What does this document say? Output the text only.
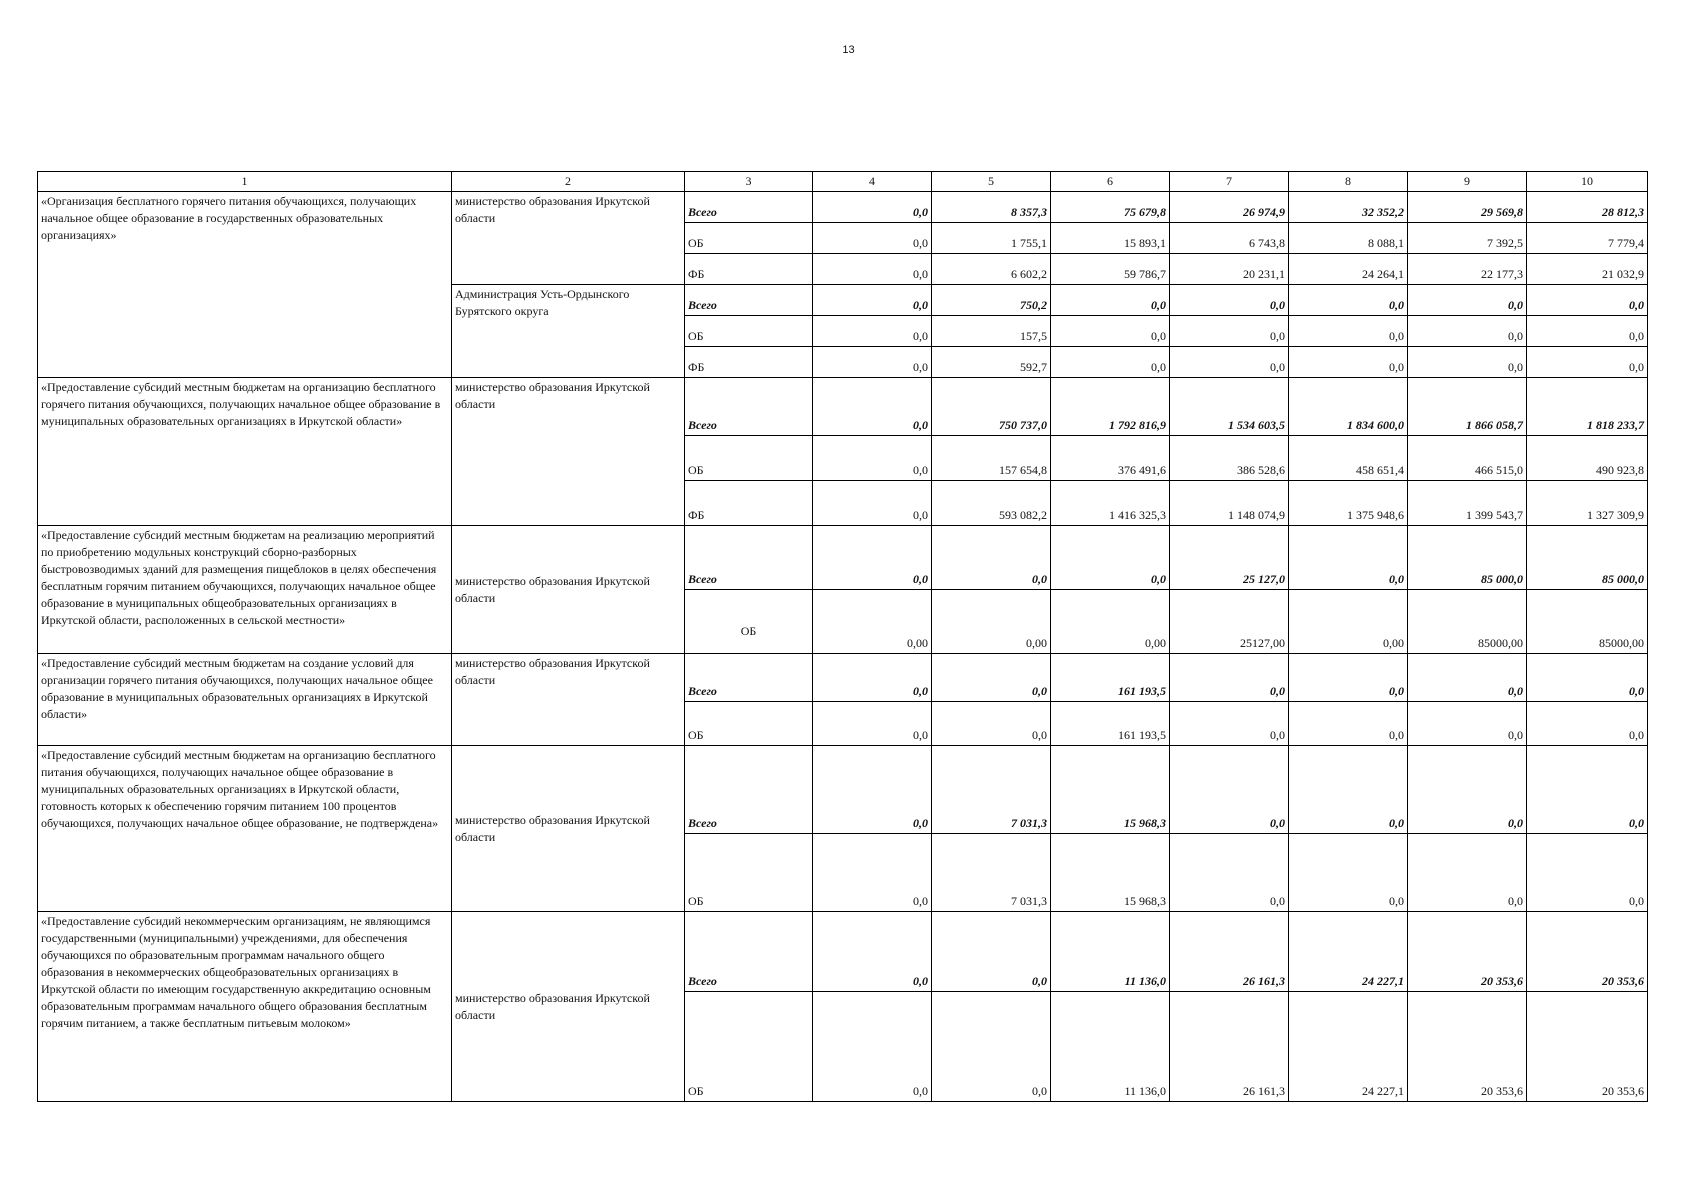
13
1	2	3	4	5	6	7	8	9	10
«Организация бесплатного горячего питания обучающихся, получающих начальное общее образование в государственных образовательных организациях»	министерство образования Иркутской области	Всего	0,0	8 357,3	75 679,8	26 974,9	32 352,2	29 569,8	28 812,3
		ОБ	0,0	1 755,1	15 893,1	6 743,8	8 088,1	7 392,5	7 779,4
		ФБ	0,0	6 602,2	59 786,7	20 231,1	24 264,1	22 177,3	21 032,9
	Администрация Усть-Ордынского Бурятского округа	Всего	0,0	750,2	0,0	0,0	0,0	0,0	0,0
		ОБ	0,0	157,5	0,0	0,0	0,0	0,0	0,0
		ФБ	0,0	592,7	0,0	0,0	0,0	0,0	0,0
«Предоставление субсидий местным бюджетам на организацию бесплатного горячего питания обучающихся, получающих начальное общее образование в муниципальных образовательных организациях в Иркутской области»	министерство образования Иркутской области	Всего	0,0	750 737,0	1 792 816,9	1 534 603,5	1 834 600,0	1 866 058,7	1 818 233,7
		ОБ	0,0	157 654,8	376 491,6	386 528,6	458 651,4	466 515,0	490 923,8
		ФБ	0,0	593 082,2	1 416 325,3	1 148 074,9	1 375 948,6	1 399 543,7	1 327 309,9
«Предоставление субсидий местным бюджетам на реализацию мероприятий по приобретению модульных конструкций сборно-разборных быстровозводимых зданий для размещения пищеблоков в целях обеспечения бесплатным горячим питанием обучающихся, получающих начальное общее образование в муниципальных общеобразовательных организациях в Иркутской области, расположенных в сельской местности»	министерство образования Иркутской области	Всего	0,0	0,0	0,0	25 127,0	0,0	85 000,0	85 000,0

		ОБ	0,00	0,00	0,00	25127,00	0,00	85000,00	85000,00
«Предоставление субсидий местным бюджетам на создание условий для организации горячего питания обучающихся, получающих начальное общее образование в муниципальных образовательных организациях в Иркутской области»	министерство образования Иркутской области	Всего	0,0	0,0	161 193,5	0,0	0,0	0,0	0,0
		ОБ	0,0	0,0	161 193,5	0,0	0,0	0,0	0,0
«Предоставление субсидий местным бюджетам на организацию бесплатного питания обучающихся, получающих начальное общее образование в муниципальных образовательных организациях в Иркутской области, готовность которых к обеспечению горячим питанием 100 процентов обучающихся, получающих начальное общее образование, не подтверждена»	министерство образования Иркутской области	Всего	0,0	7 031,3	15 968,3	0,0	0,0	0,0	0,0
		ОБ	0,0	7 031,3	15 968,3	0,0	0,0	0,0	0,0
«Предоставление субсидий некоммерческим организациям, не являющимся государственными (муниципальными) учреждениями, для обеспечения обучающихся по образовательным программам начального общего образования в некоммерческих общеобразовательных организациях в Иркутской области по имеющим государственную аккредитацию основным образовательным программам начального общего образования бесплатным горячим питанием, а также бесплатным питьевым молоком»	министерство образования Иркутской области	Всего	0,0	0,0	11 136,0	26 161,3	24 227,1	20 353,6	20 353,6
		ОБ	0,0	0,0	11 136,0	26 161,3	24 227,1	20 353,6	20 353,6
